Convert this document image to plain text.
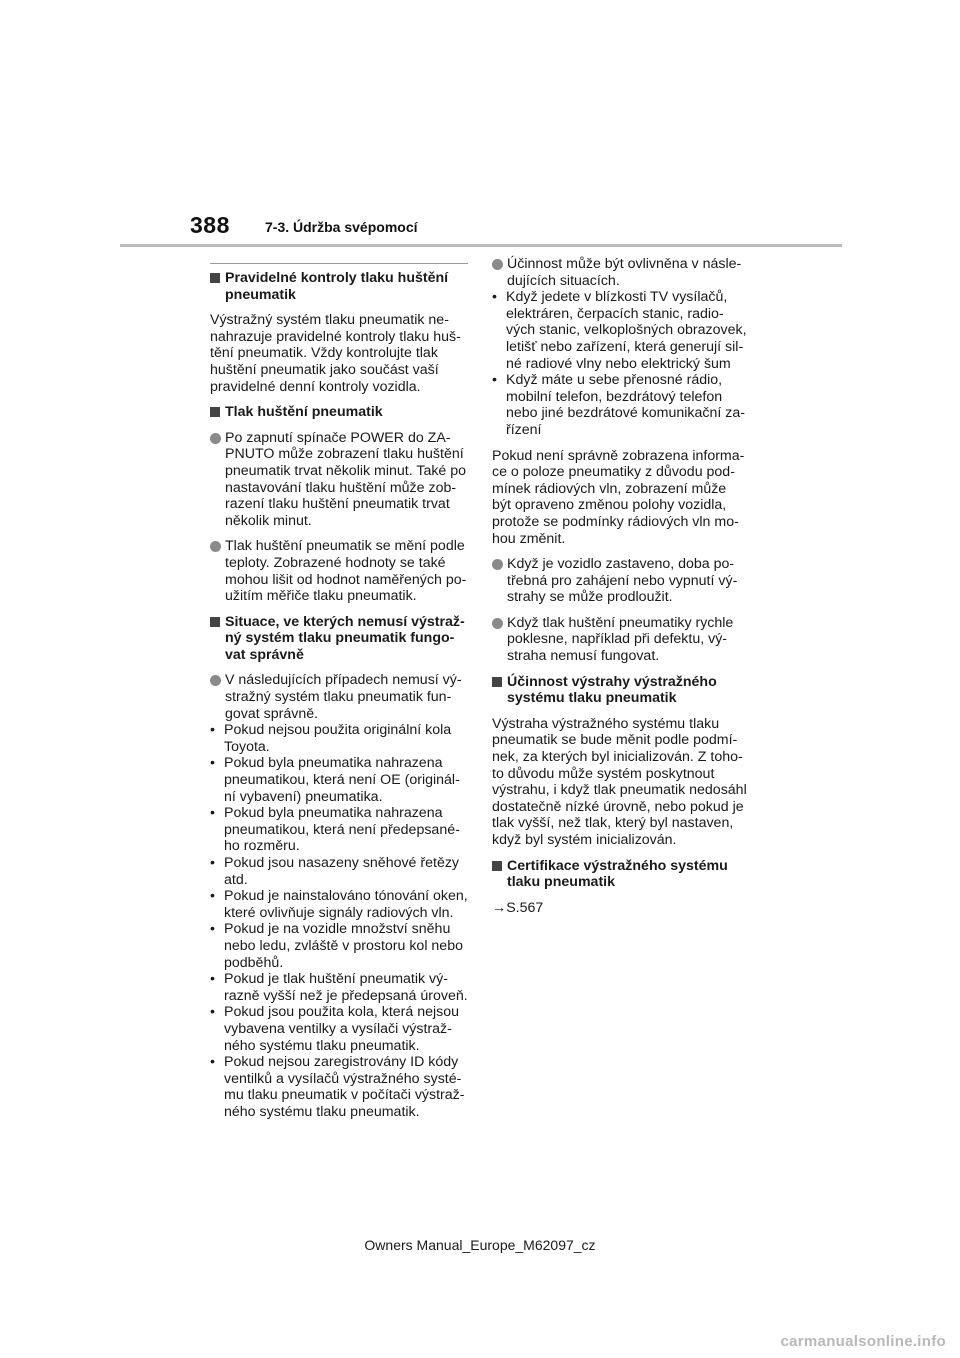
388	7-3. Údržba svépomocí
Pravidelné kontroly tlaku huštění
pneumatik
Výstražný systém tlaku pneumatik ne-
nahrazuje pravidelné kontroly tlaku huš-
tění pneumatik. Vždy kontrolujte tlak
huštění pneumatik jako součást vaší
pravidelné denní kontroly vozidla.
Tlak huštění pneumatik
Po zapnutí spínače POWER do ZA-
PNUTO může zobrazení tlaku huštění
pneumatik trvat několik minut. Také po
nastavování tlaku huštění může zob-
razení tlaku huštění pneumatik trvat
několik minut.
Tlak huštění pneumatik se mění podle
teploty. Zobrazené hodnoty se také
mohou lišit od hodnot naměřených po-
užitím měřiče tlaku pneumatik.
Situace, ve kterých nemusí výstraž-
ný systém tlaku pneumatik fungo-
vat správně
V následujících případech nemusí vý-
stražný systém tlaku pneumatik fun-
govat správně.
• Pokud nejsou použita originální kola
Toyota.
• Pokud byla pneumatika nahrazena
pneumatikou, která není OE (originál-
ní vybavení) pneumatika.
• Pokud byla pneumatika nahrazena
pneumatikou, která není předepsané-
ho rozměru.
• Pokud jsou nasazeny sněhové řetězy
atd.
• Pokud je nainstalováno tónování oken,
které ovlivňuje signály radiových vln.
• Pokud je na vozidle množství sněhu
nebo ledu, zvláště v prostoru kol nebo
podběhů.
• Pokud je tlak huštění pneumatik vý-
razně vyšší než je předepsaná úroveň.
• Pokud jsou použita kola, která nejsou
vybavena ventilky a vysílači výstraž-
ného systému tlaku pneumatik.
• Pokud nejsou zaregistrovány ID kódy
ventilků a vysílačů výstražného systé-
mu tlaku pneumatik v počítači výstraž-
ného systému tlaku pneumatik.
Účinnost může být ovlivněna v násle-
dujících situacích.
• Když jedete v blízkosti TV vysílačů,
elektráren, čerpacích stanic, radio-
vých stanic, velkoplošných obrazovek,
letišť nebo zařízení, která generují sil-
né radiové vlny nebo elektrický šum
• Když máte u sebe přenosné rádio,
mobilní telefon, bezdrátový telefon
nebo jiné bezdrátové komunikační za-
řízení
Pokud není správně zobrazena informa-
ce o poloze pneumatiky z důvodu pod-
mínek rádiových vln, zobrazení může
být opraveno změnou polohy vozidla,
protože se podmínky rádiových vln mo-
hou změnit.
Když je vozidlo zastaveno, doba po-
třebná pro zahájení nebo vypnutí vý-
strahy se může prodloužit.
Když tlak huštění pneumatiky rychle
poklesne, například při defektu, vý-
straha nemusí fungovat.
Účinnost výstrahy výstražného
systému tlaku pneumatik
Výstraha výstražného systému tlaku
pneumatik se bude měnit podle podmí-
nek, za kterých byl inicializován. Z toho-
to důvodu může systém poskytnout
výstrahu, i když tlak pneumatik nedosáhl
dostatečně nízké úrovně, nebo pokud je
tlak vyšší, než tlak, který byl nastaven,
když byl systém inicializován.
Certifikace výstražného systému
tlaku pneumatik
→S.567
Owners Manual_Europe_M62097_cz
carmanualsonline.info
